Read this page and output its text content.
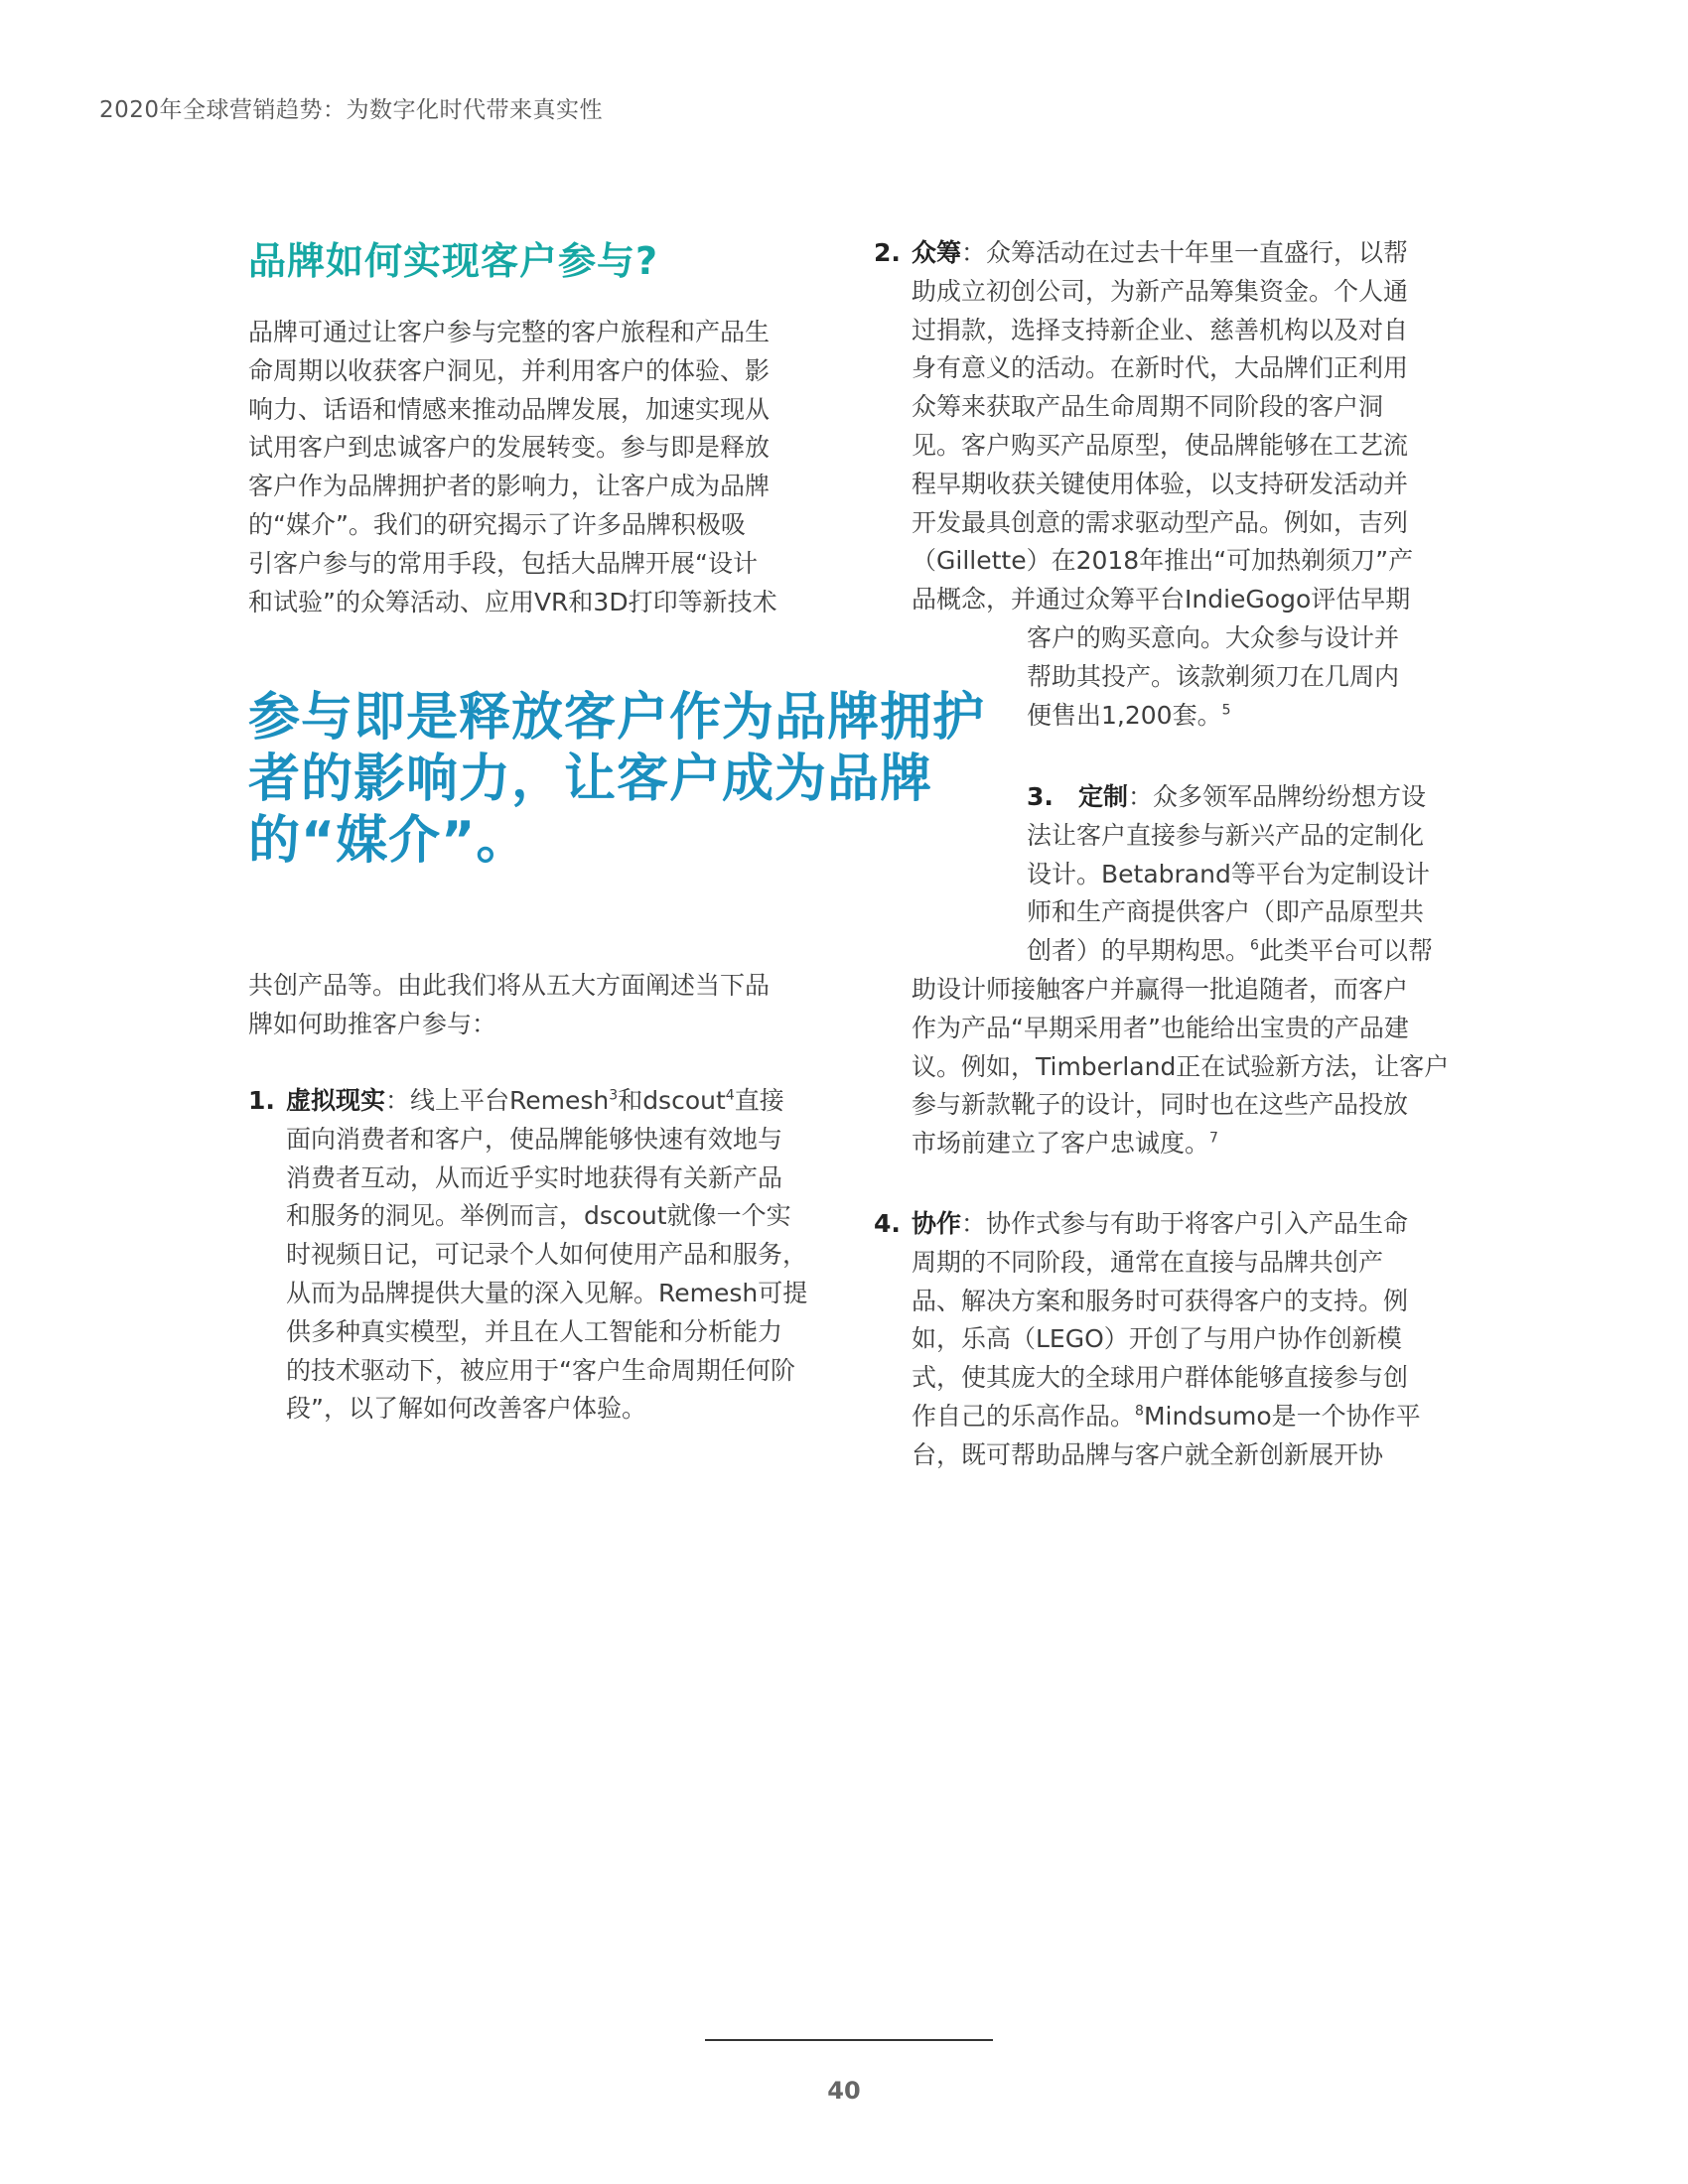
2020年全球营销趋势：为数字化时代带来真实性
品牌如何实现客户参与?
品牌可通过让客户参与完整的客户旅程和产品生
命周期以收获客户洞见，并利用客户的体验、影
响力、话语和情感来推动品牌发展，加速实现从
试用客户到忠诚客户的发展转变。参与即是释放
客户作为品牌拥护者的影响力，让客户成为品牌
的“媒介”。我们的研究揭示了许多品牌积极吸
引客户参与的常用手段，包括大品牌开展“设计
和试验”的众筹活动、应用VR和3D打印等新技术
参与即是释放客户作为品牌拥护
者的影响力，让客户成为品牌
的“媒介”。
共创产品等。由此我们将从五大方面阐述当下品
牌如何助推客户参与：
1. 虚拟现实：线上平台Remesh$^3$和dscout$^4$直接
面向消费者和客户，使品牌能够快速有效地与
消费者互动，从而近乎实时地获得有关新产品
和服务的洞见。举例而言，dscout就像一个实
时视频日记，可记录个人如何使用产品和服务，
从而为品牌提供大量的深入见解。Remesh可提
供多种真实模型，并且在人工智能和分析能力
的技术驱动下，被应用于“客户生命周期任何阶
段”，以了解如何改善客户体验。
2. 众筹：众筹活动在过去十年里一直盛行，以帮
助成立初创公司，为新产品筹集资金。个人通
过捐款，选择支持新企业、慈善机构以及对自
身有意义的活动。在新时代，大品牌们正利用
众筹来获取产品生命周期不同阶段的客户洞
见。客户购买产品原型，使品牌能够在工艺流
程早期收获关键使用体验，以支持研发活动并
开发最具创意的需求驱动型产品。例如，吉列
（Gillette）在2018年推出“可加热剃须刀”产
品概念，并通过众筹平台IndieGogo评估早期
客户的购买意向。大众参与设计并
帮助其投产。该款剃须刀在几周内
便售出1,200套。$^5$
3. 定制：众多领军品牌纷纷想方设
法让客户直接参与新兴产品的定制化
设计。Betabrand等平台为定制设计
师和生产商提供客户（即产品原型共
创者）的早期构思。$^6$此类平台可以帮
助设计师接触客户并赢得一批追随者，而客户
作为产品“早期采用者”也能给出宝贵的产品建
议。例如，Timberland正在试验新方法，让客户
参与新款靴子的设计，同时也在这些产品投放
市场前建立了客户忠诚度。$^7$
4. 协作：协作式参与有助于将客户引入产品生命
周期的不同阶段，通常在直接与品牌共创产
品、解决方案和服务时可获得客户的支持。例
如，乐高（LEGO）开创了与用户协作创新模
式，使其庞大的全球用户群体能够直接参与创
作自己的乐高作品。$^8$Mindsumo是一个协作平
台，既可帮助品牌与客户就全新创新展开协
40
